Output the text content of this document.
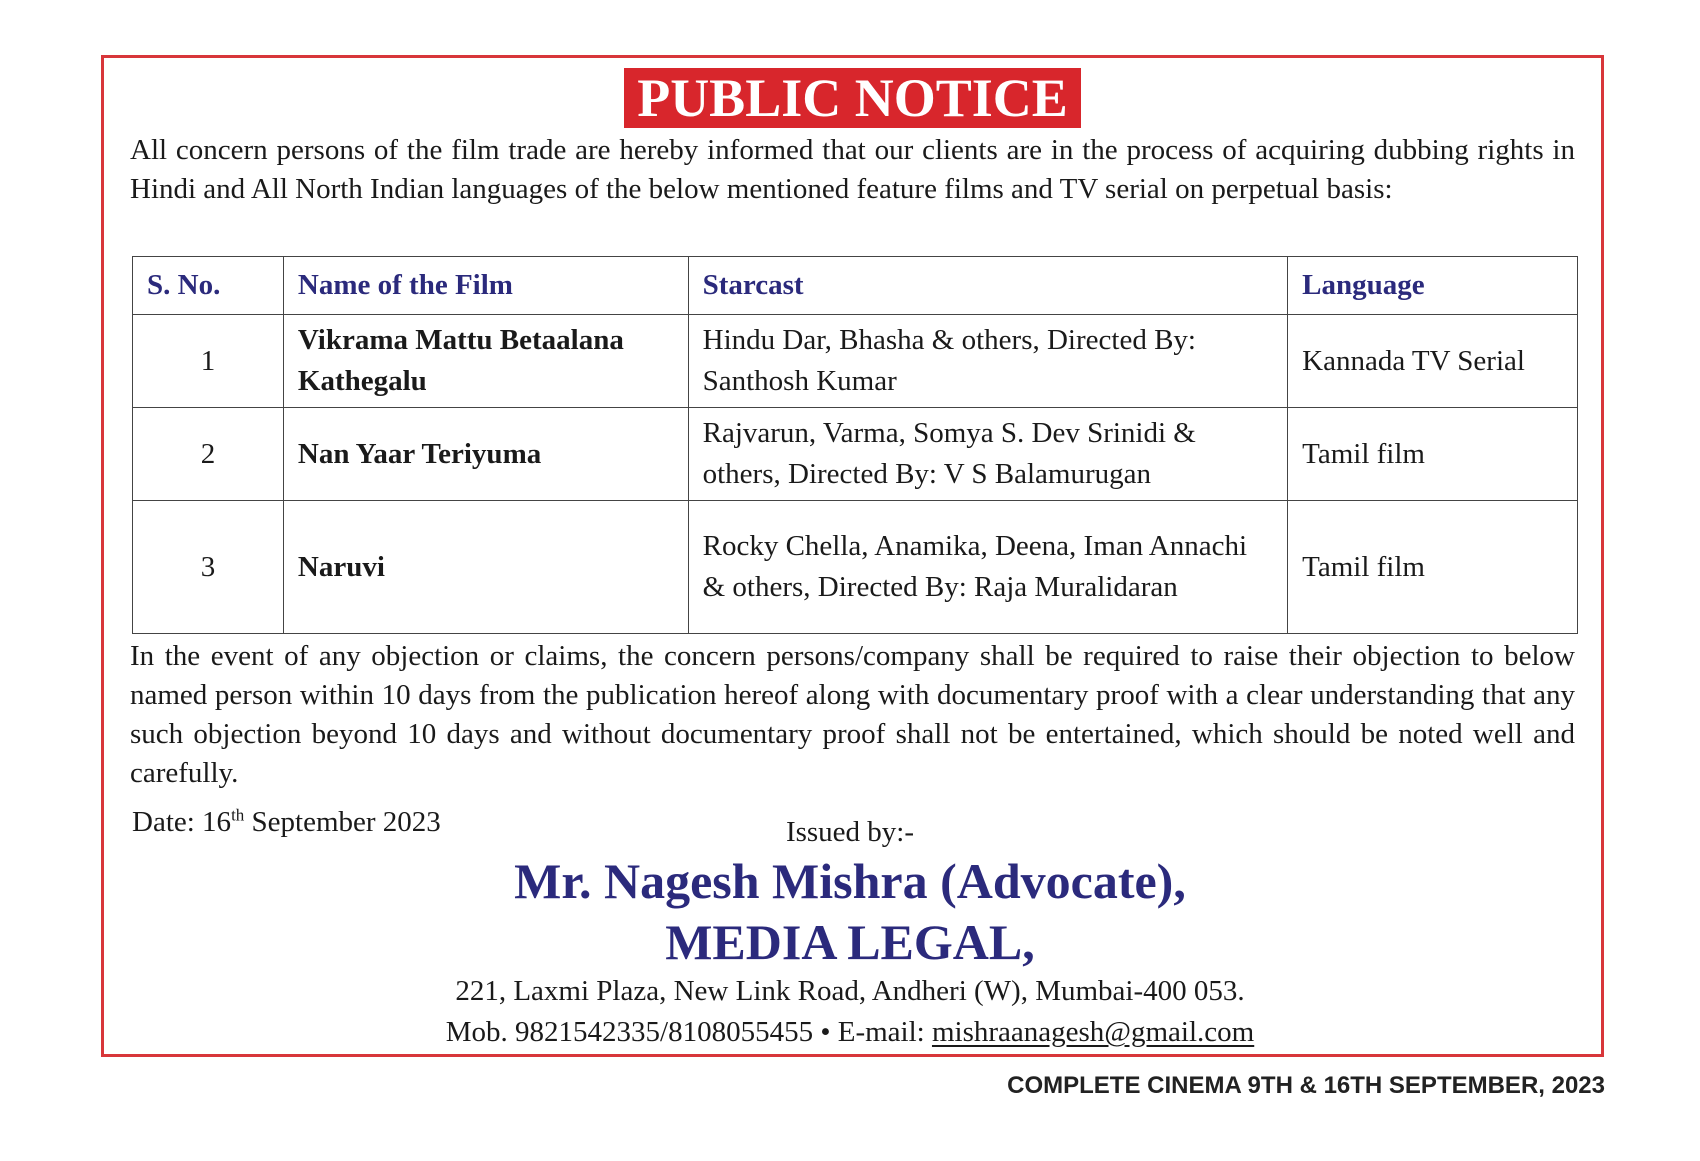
PUBLIC NOTICE

All concern persons of the film trade are hereby informed that our clients are in the process of acquiring dubbing rights in Hindi and All North Indian languages of the below mentioned feature films and TV serial on perpetual basis:

S. No.	Name of the Film	Starcast	Language
1	Vikrama Mattu Betaalana Kathegalu	Hindu Dar, Bhasha & others, Directed By: Santhosh Kumar	Kannada TV Serial
2	Nan Yaar Teriyuma	Rajvarun, Varma, Somya S. Dev Srinidi & others, Directed By: V S Balamurugan	Tamil film
3	Naruvi	Rocky Chella, Anamika, Deena, Iman Annachi & others, Directed By: Raja Muralidaran	Tamil film

In the event of any objection or claims, the concern persons/company shall be required to raise their objection to below named person within 10 days from the publication hereof along with documentary proof with a clear understanding that any such objection beyond 10 days and without documentary proof shall not be entertained, which should be noted well and carefully.

Date: 16th September 2023	Issued by:-
Mr. Nagesh Mishra (Advocate),
MEDIA LEGAL,
221, Laxmi Plaza, New Link Road, Andheri (W), Mumbai-400 053.
Mob. 9821542335/8108055455 • E-mail: mishraanagesh@gmail.com
COMPLETE CINEMA 9TH & 16TH SEPTEMBER, 2023
